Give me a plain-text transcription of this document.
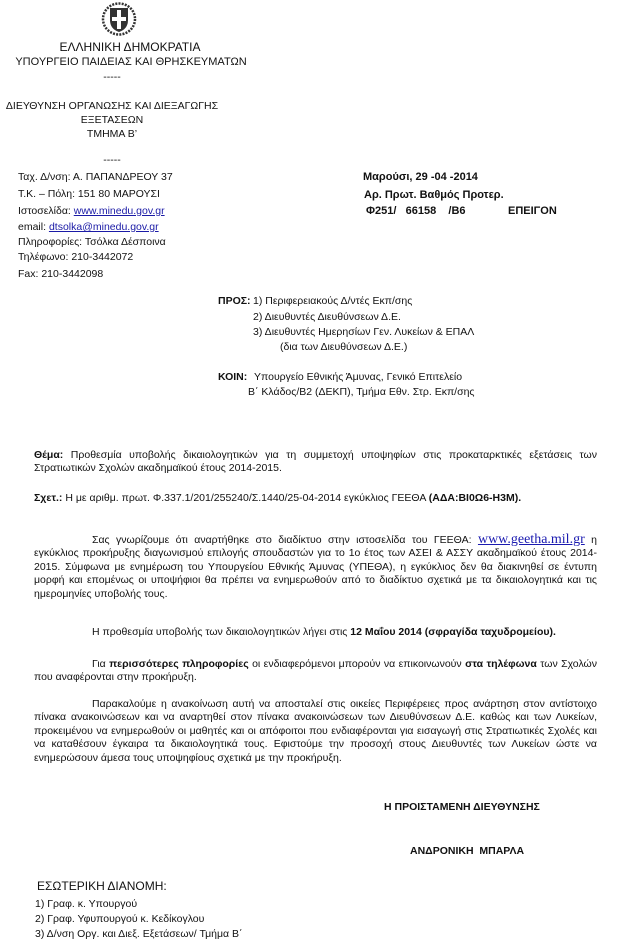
ΕΛΛΗΝΙΚΗ ΔΗΜΟΚΡΑΤΙΑ
ΥΠΟΥΡΓΕΙΟ ΠΑΙΔΕΙΑΣ ΚΑΙ ΘΡΗΣΚΕΥΜΑΤΩΝ
-----
ΔΙΕΥΘΥΝΣΗ ΟΡΓΑΝΩΣΗΣ ΚΑΙ ΔΙΕΞΑΓΩΓΗΣ
ΕΞΕΤΑΣΕΩΝ
ΤΜΗΜΑ Β’
-----
Ταχ. Δ/νση: Α. ΠΑΠΑΝΔΡΕΟΥ 37
Τ.Κ. – Πόλη: 151 80 ΜΑΡΟΥΣΙ
Ιστοσελίδα: www.minedu.gov.gr
email: dtsolka@minedu.gov.gr
Πληροφορίες: Τσόλκα Δέσποινα
Τηλέφωνο: 210-3442072
Fax: 210-3442098
Μαρούσι, 29 -04 -2014
Αρ. Πρωτ. Βαθμός Προτερ.
Φ251/   66158    /Β6	ΕΠΕΙΓΟΝ
ΠΡΟΣ: 1) Περιφερειακούς Δ/ντές Εκπ/σης
2) Διευθυντές Διευθύνσεων Δ.Ε.
3) Διευθυντές Ημερησίων Γεν. Λυκείων & ΕΠΑΛ
(δια των Διευθύνσεων Δ.Ε.)
ΚΟΙΝ: Υπουργείο Εθνικής Άμυνας, Γενικό Επιτελείο
Β΄ Κλάδος/Β2 (ΔΕΚΠ), Τμήμα Εθν. Στρ. Εκπ/σης
Θέμα: Προθεσμία υποβολής δικαιολογητικών για τη συμμετοχή υποψηφίων στις προκαταρκτικές εξετάσεις των Στρατιωτικών Σχολών ακαδημαϊκού έτους 2014-2015.
Σχετ.: Η με αριθμ. πρωτ. Φ.337.1/201/255240/Σ.1440/25-04-2014 εγκύκλιος ΓΕΕΘΑ (ΑΔΑ:ΒΙ0Ω6-Η3Μ).
Σας γνωρίζουμε ότι αναρτήθηκε στο διαδίκτυο στην ιστοσελίδα του ΓΕΕΘΑ: www.geetha.mil.gr η εγκύκλιος προκήρυξης διαγωνισμού επιλογής σπουδαστών για το 1ο έτος των ΑΣΕΙ & ΑΣΣΥ ακαδημαϊκού έτους 2014-2015. Σύμφωνα με ενημέρωση του Υπουργείου Εθνικής Άμυνας (ΥΠΕΘΑ), η εγκύκλιος δεν θα διακινηθεί σε έντυπη μορφή και επομένως οι υποψήφιοι θα πρέπει να ενημερωθούν από το διαδίκτυο σχετικά με τα δικαιολογητικά και τις ημερομηνίες υποβολής τους.
Η προθεσμία υποβολής των δικαιολογητικών λήγει στις 12 Μαΐου 2014 (σφραγίδα ταχυδρομείου).
Για περισσότερες πληροφορίες οι ενδιαφερόμενοι μπορούν να επικοινωνούν στα τηλέφωνα των Σχολών που αναφέρονται στην προκήρυξη.
Παρακαλούμε η ανακοίνωση αυτή να αποσταλεί στις οικείες Περιφέρειες προς ανάρτηση στον αντίστοιχο πίνακα ανακοινώσεων και να αναρτηθεί στον πίνακα ανακοινώσεων των Διευθύνσεων Δ.Ε. καθώς και των Λυκείων, προκειμένου να ενημερωθούν οι μαθητές και οι απόφοιτοι που ενδιαφέρονται για εισαγωγή στις Στρατιωτικές Σχολές και να καταθέσουν έγκαιρα τα δικαιολογητικά τους. Εφιστούμε την προσοχή στους Διευθυντές των Λυκείων ώστε να ενημερώσουν άμεσα τους υποψηφίους σχετικά με την προκήρυξη.
Η ΠΡΟΙΣΤΑΜΕΝΗ ΔΙΕΥΘΥΝΣΗΣ
ΑΝΔΡΟΝΙΚΗ  ΜΠΑΡΛΑ
ΕΣΩΤΕΡΙΚΗ ΔΙΑΝΟΜΗ:
1) Γραφ. κ. Υπουργού
2) Γραφ. Υφυπουργού κ. Κεδίκογλου
3) Δ/νση Οργ. και Διεξ. Εξετάσεων/ Τμήμα Β΄
